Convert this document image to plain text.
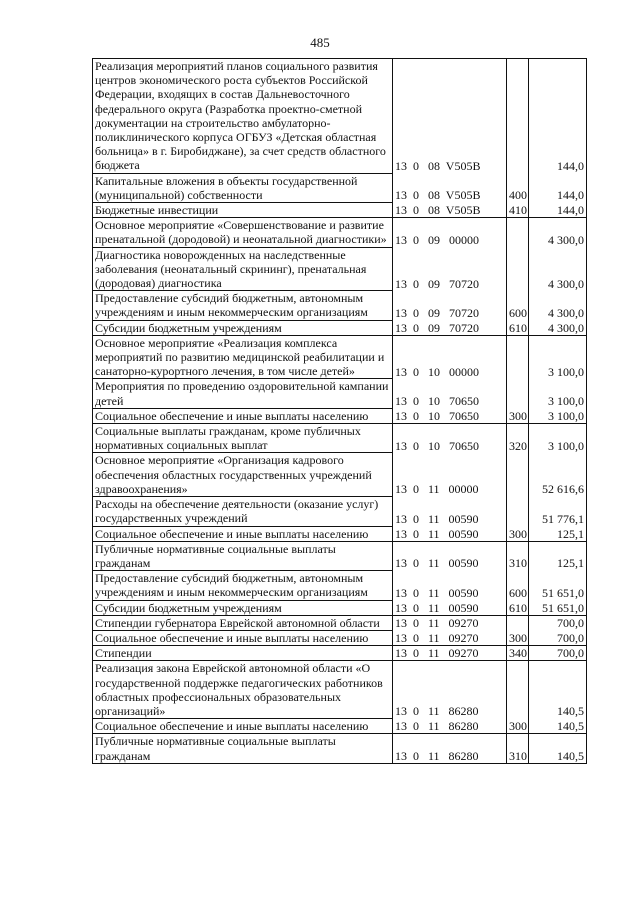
485
Реализация мероприятий планов социального развития центров экономического роста субъектов Российской Федерации, входящих в состав Дальневосточного федерального округа (Разработка проектно-сметной документации на строительство амбулаторно-поликлинического корпуса ОГБУЗ «Детская областная больница» в г. Биробиджане), за счет средств областного бюджета	13  0   08  V505B		144,0
Капитальные вложения в объекты государственной (муниципальной) собственности	13  0   08  V505B	400	144,0
Бюджетные инвестиции	13  0   08  V505B	410	144,0
Основное мероприятие «Совершенствование и развитие пренатальной (дородовой) и неонатальной диагностики»	13  0   09   00000		4 300,0
Диагностика новорожденных на наследственные заболевания (неонатальный скрининг), пренатальная (дородовая) диагностика	13  0   09   70720		4 300,0
Предоставление субсидий бюджетным, автономным учреждениям и иным некоммерческим организациям	13  0   09   70720	600	4 300,0
Субсидии бюджетным учреждениям	13  0   09   70720	610	4 300,0
Основное мероприятие «Реализация комплекса мероприятий по развитию медицинской реабилитации и санаторно-курортного лечения, в том числе детей»	13  0   10   00000		3 100,0
Мероприятия по проведению оздоровительной кампании детей	13  0   10   70650		3 100,0
Социальное обеспечение и иные выплаты населению	13  0   10   70650	300	3 100,0
Социальные выплаты гражданам, кроме публичных нормативных социальных выплат	13  0   10   70650	320	3 100,0
Основное мероприятие «Организация кадрового обеспечения областных государственных учреждений здравоохранения»	13  0   11   00000		52 616,6
Расходы на обеспечение деятельности (оказание услуг) государственных учреждений	13  0   11   00590		51 776,1
Социальное обеспечение и иные выплаты населению	13  0   11   00590	300	125,1
Публичные нормативные социальные выплаты гражданам	13  0   11   00590	310	125,1
Предоставление субсидий бюджетным, автономным учреждениям и иным некоммерческим организациям	13  0   11   00590	600	51 651,0
Субсидии бюджетным учреждениям	13  0   11   00590	610	51 651,0
Стипендии губернатора Еврейской автономной области	13  0   11   09270		700,0
Социальное обеспечение и иные выплаты населению	13  0   11   09270	300	700,0
Стипендии	13  0   11   09270	340	700,0
Реализация закона Еврейской автономной области «О государственной поддержке педагогических работников областных профессиональных образовательных организаций»	13  0   11   86280		140,5
Социальное обеспечение и иные выплаты населению	13  0   11   86280	300	140,5
Публичные нормативные социальные выплаты гражданам	13  0   11   86280	310	140,5
